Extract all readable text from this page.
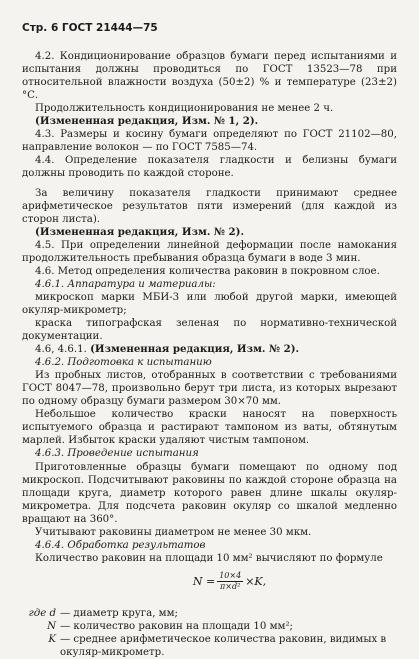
Стр. 6 ГОСТ 21444—75

4.2. Кондиционирование образцов бумаги перед испытаниями и испытания должны проводиться по ГОСТ 13523—78 при относительной влажности воздуха (50±2) % и температуре (23±2)°С.

Продолжительность кондиционирования не менее 2 ч.

(Измененная редакция, Изм. № 1, 2).

4.3. Размеры и косину бумаги определяют по ГОСТ 21102—80, направление волокон — по ГОСТ 7585—74.

4.4. Определение показателя гладкости и белизны бумаги должны проводить по каждой стороне.

За величину показателя гладкости принимают среднее арифметическое результатов пяти измерений (для каждой из сторон листа).

(Измененная редакция, Изм. № 2).

4.5. При определении линейной деформации после намокания продолжительность пребывания образца бумаги в воде 3 мин.

4.6. Метод определения количества раковин в покровном слое.

4.6.1. Аппаратура и материалы:

микроскоп марки МБИ-3 или любой другой марки, имеющей окуляр-микрометр;

краска типографская зеленая по нормативно-технической документации.

4.6, 4.6.1. (Измененная редакция, Изм. № 2).

4.6.2. Подготовка к испытанию

Из пробных листов, отобранных в соответствии с требованиями ГОСТ 8047—78, произвольно берут три листа, из которых вырезают по одному образцу бумаги размером 30×70 мм.

Небольшое количество краски наносят на поверхность испытуемого образца и растирают тампоном из ваты, обтянутым марлей. Избыток краски удаляют чистым тампоном.

4.6.3. Проведение испытания

Приготовленные образцы бумаги помещают по одному под микроскоп. Подсчитывают раковины по каждой стороне образца на площади круга, диаметр которого равен длине шкалы окуляр-микрометра. Для подсчета раковин окуляр со шкалой медленно вращают на 360°.

Учитывают раковины диаметром не менее 30 мкм.

4.6.4. Обработка результатов

Количество раковин на площади 10 мм² вычисляют по формуле

$N = \frac{10\times 4}{\text{π×d²}} \times K$,
где d — диаметр круга, мм;
N — количество раковин на площади 10 мм²;
K — среднее арифметическое количества раковин, видимых в окуляр-микрометр.
